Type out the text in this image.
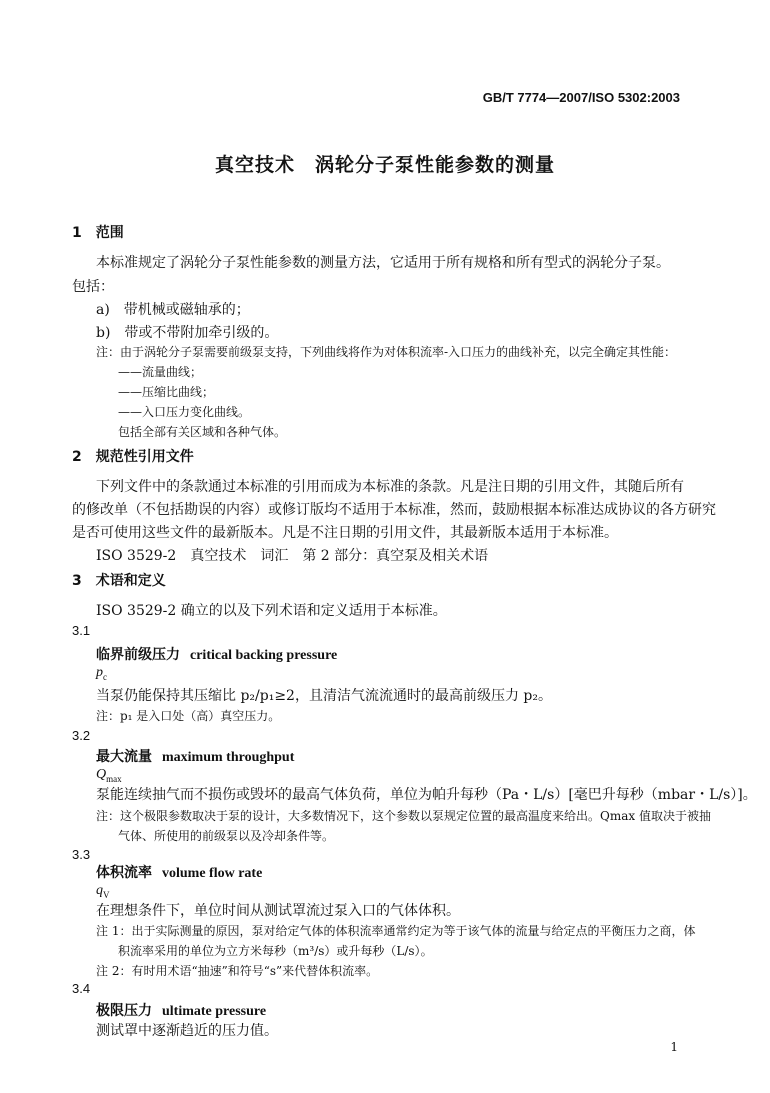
GB/T 7774—2007/ISO 5302:2003
真空技术　涡轮分子泵性能参数的测量
1　范围
本标准规定了涡轮分子泵性能参数的测量方法，它适用于所有规格和所有型式的涡轮分子泵。
包括：
a)　带机械或磁轴承的；
b)　带或不带附加牵引级的。
注：由于涡轮分子泵需要前级泵支持，下列曲线将作为对体积流率-入口压力的曲线补充，以完全确定其性能：
——流量曲线；
——压缩比曲线；
——入口压力变化曲线。
包括全部有关区域和各种气体。
2　规范性引用文件
下列文件中的条款通过本标准的引用而成为本标准的条款。凡是注日期的引用文件，其随后所有
的修改单（不包括勘误的内容）或修订版均不适用于本标准，然而，鼓励根据本标准达成协议的各方研究
是否可使用这些文件的最新版本。凡是不注日期的引用文件，其最新版本适用于本标准。
ISO 3529-2　真空技术　词汇　第 2 部分：真空泵及相关术语
3　术语和定义
ISO 3529-2 确立的以及下列术语和定义适用于本标准。
3.1
临界前级压力 critical backing pressure
$p_c$
当泵仍能保持其压缩比 p₂/p₁≥2，且清洁气流流通时的最高前级压力 p₂。
注：p₁ 是入口处（高）真空压力。
3.2
最大流量 maximum throughput
$Q_{max}$
泵能连续抽气而不损伤或毁坏的最高气体负荷，单位为帕升每秒（Pa・L/s）[毫巴升每秒（mbar・L/s）]。
注：这个极限参数取决于泵的设计，大多数情况下，这个参数以泵规定位置的最高温度来给出。Qmax 值取决于被抽
气体、所使用的前级泵以及冷却条件等。
3.3
体积流率 volume flow rate
$q_V$
在理想条件下，单位时间从测试罩流过泵入口的气体体积。
注 1：出于实际测量的原因，泵对给定气体的体积流率通常约定为等于该气体的流量与给定点的平衡压力之商，体
积流率采用的单位为立方米每秒（m³/s）或升每秒（L/s）。
注 2：有时用术语“抽速”和符号“s”来代替体积流率。
3.4
极限压力 ultimate pressure
测试罩中逐渐趋近的压力值。
1
